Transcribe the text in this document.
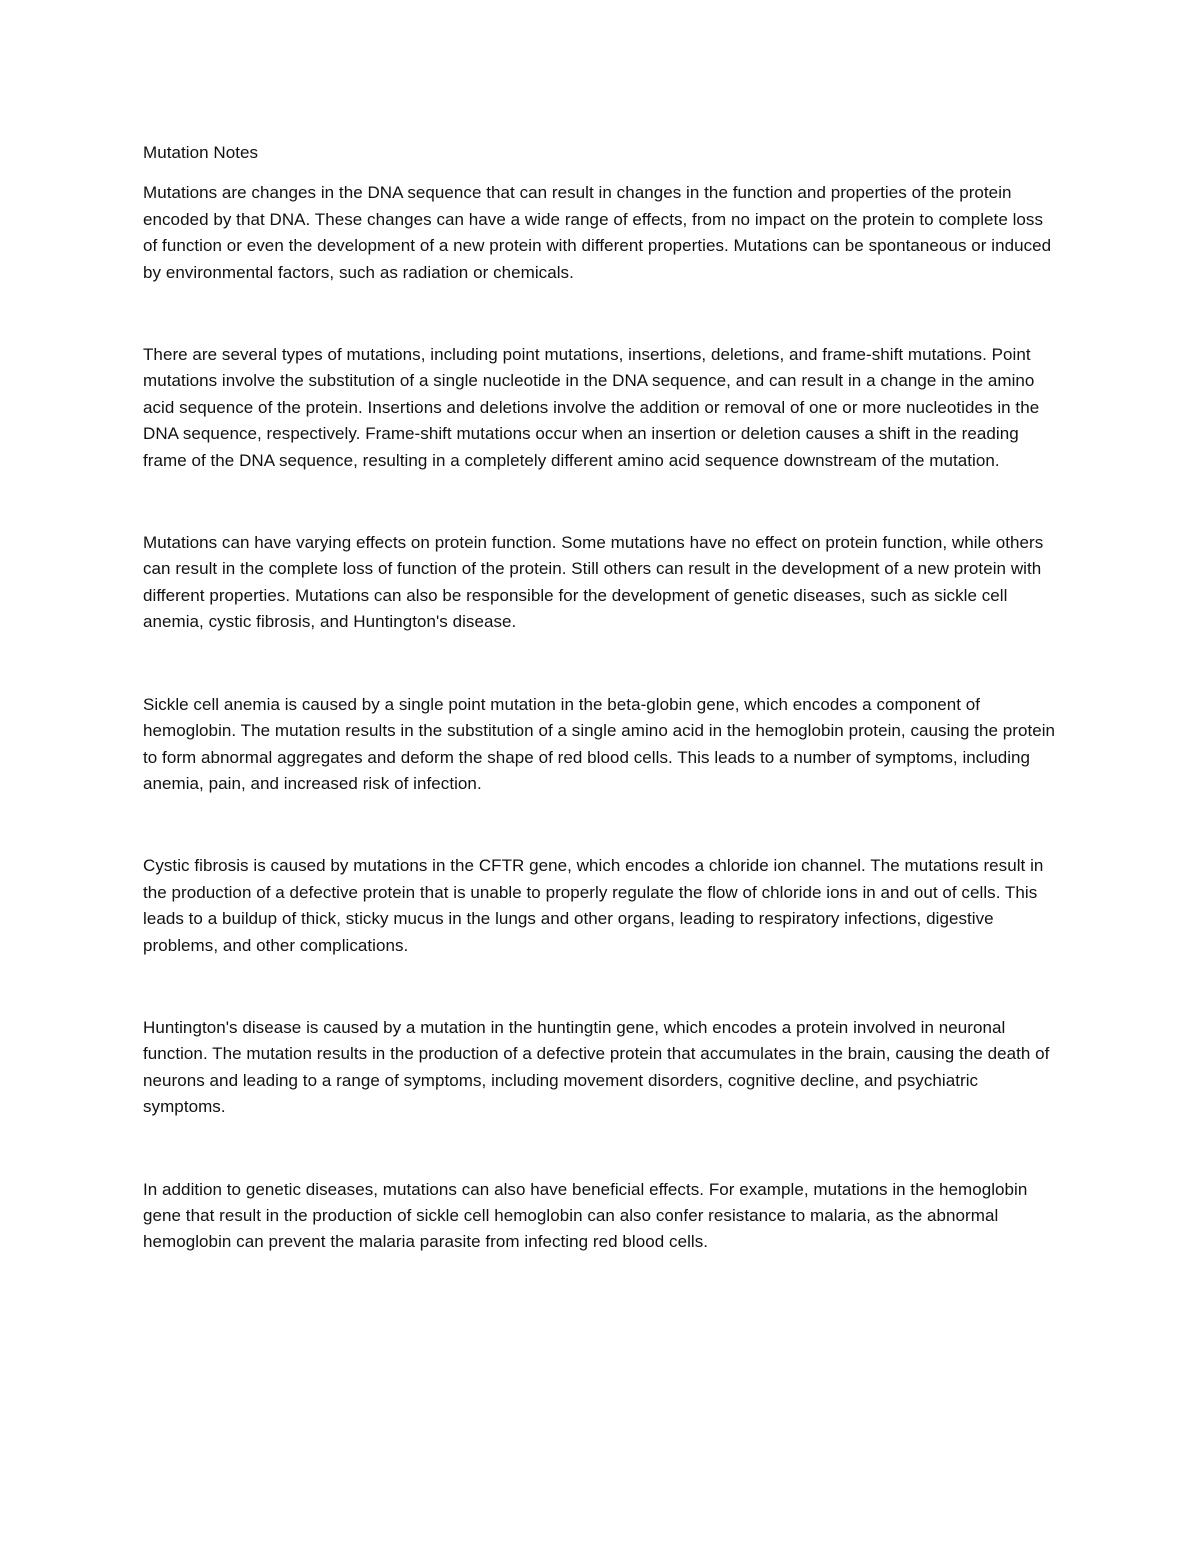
Mutation Notes

Mutations are changes in the DNA sequence that can result in changes in the function and properties of the protein encoded by that DNA. These changes can have a wide range of effects, from no impact on the protein to complete loss of function or even the development of a new protein with different properties. Mutations can be spontaneous or induced by environmental factors, such as radiation or chemicals.

There are several types of mutations, including point mutations, insertions, deletions, and frame-shift mutations. Point mutations involve the substitution of a single nucleotide in the DNA sequence, and can result in a change in the amino acid sequence of the protein. Insertions and deletions involve the addition or removal of one or more nucleotides in the DNA sequence, respectively. Frame-shift mutations occur when an insertion or deletion causes a shift in the reading frame of the DNA sequence, resulting in a completely different amino acid sequence downstream of the mutation.

Mutations can have varying effects on protein function. Some mutations have no effect on protein function, while others can result in the complete loss of function of the protein. Still others can result in the development of a new protein with different properties. Mutations can also be responsible for the development of genetic diseases, such as sickle cell anemia, cystic fibrosis, and Huntington's disease.

Sickle cell anemia is caused by a single point mutation in the beta-globin gene, which encodes a component of hemoglobin. The mutation results in the substitution of a single amino acid in the hemoglobin protein, causing the protein to form abnormal aggregates and deform the shape of red blood cells. This leads to a number of symptoms, including anemia, pain, and increased risk of infection.

Cystic fibrosis is caused by mutations in the CFTR gene, which encodes a chloride ion channel. The mutations result in the production of a defective protein that is unable to properly regulate the flow of chloride ions in and out of cells. This leads to a buildup of thick, sticky mucus in the lungs and other organs, leading to respiratory infections, digestive problems, and other complications.

Huntington's disease is caused by a mutation in the huntingtin gene, which encodes a protein involved in neuronal function. The mutation results in the production of a defective protein that accumulates in the brain, causing the death of neurons and leading to a range of symptoms, including movement disorders, cognitive decline, and psychiatric symptoms.

In addition to genetic diseases, mutations can also have beneficial effects. For example, mutations in the hemoglobin gene that result in the production of sickle cell hemoglobin can also confer resistance to malaria, as the abnormal hemoglobin can prevent the malaria parasite from infecting red blood cells.
